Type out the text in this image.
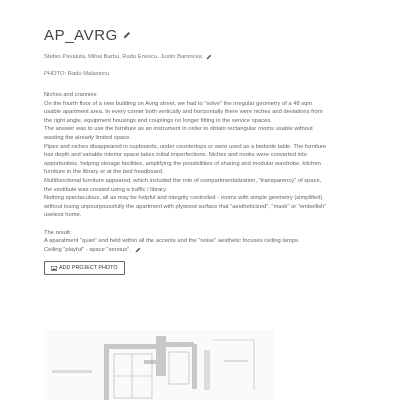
AP_AVRG
Stefan Pavaluta, Mihai Barbu, Radu Enescu, Justin Baroncea
PHOTO: Radu Malasincu

Niches and crannies

On the fourth floor of a new building on Avrig street, we had to "solve" the irregular geometry of a 48 sqm

usable apartment area. In every corner both vertically and horizontally there were niches and deviations from

the right angle, equipment housings and couplings no longer fitting in the service spaces.

The answer was to use the furniture as an instrument in order to obtain rectangular rooms usable without

wasting the already limited space.

Pipes and niches disappeared in cupboards, under countertops or were used as a bedside table. The furniture

has depth and variable interior space takes initial imperfections. Niches and nooks were converted into

opportunities, helping storage facilities, amplifying the possibilities of sharing and modular wardrobe, kitchen

furniture in the library or at the bed headboard.

Multifunctional furniture appeared, which included the role of compartmentalization, "transparency" of space,

the vestibule was created using a traffic / library.

Nothing spectaculous, all as may be helpful and integrity controlled - rooms with simple geometry (simplified)

without losing unpourpoussfully the apartment with plywood surface that "aestheticized", "mask" or "embellish"

useless home.

The result:

A aparatment "quiet" and held within all the accents and the "noise" aesthetic focuses ceiling lamps.

Ceiling "playful" - space "serious".
ADD PROJECT PHOTO
